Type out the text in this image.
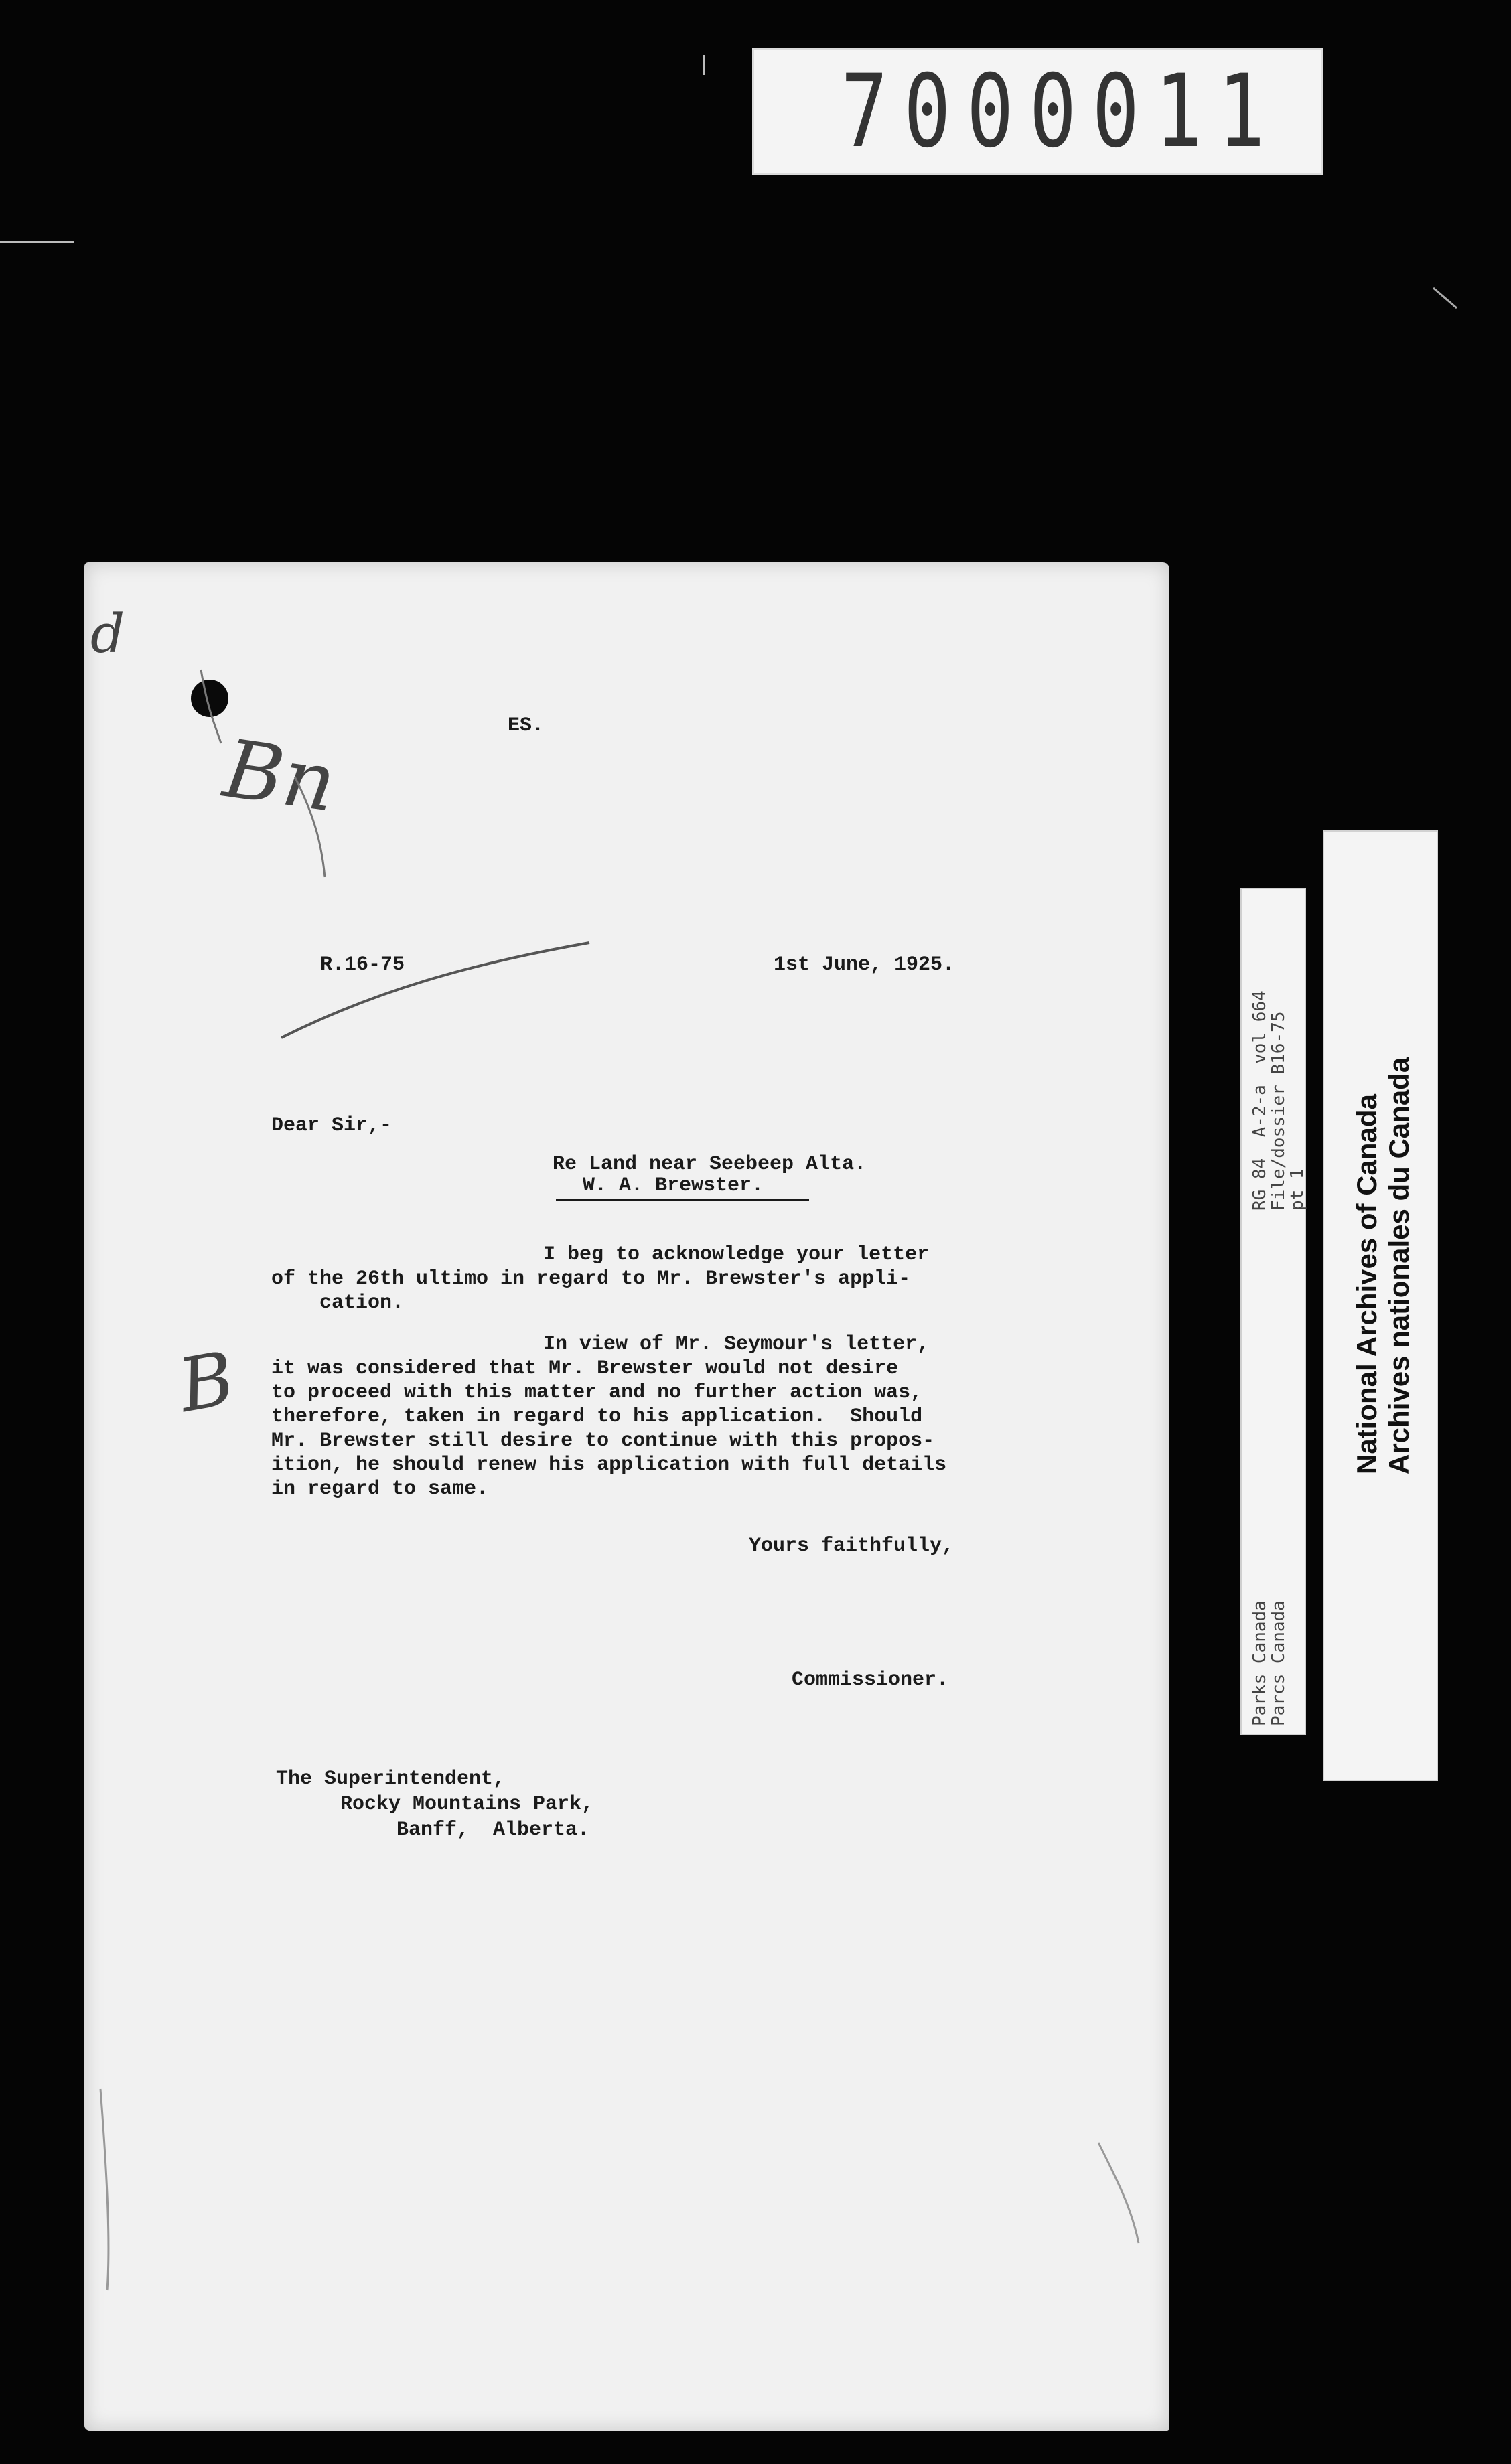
7000011
d
Bn
B
ES.
R.16-75	1st June, 1925.
Dear Sir,-
Re Land near Seebeep Alta.
W. A. Brewster.
I beg to acknowledge your letter
of the 26th ultimo in regard to Mr. Brewster's appli-
cation.
In view of Mr. Seymour's letter,
it was considered that Mr. Brewster would not desire
to proceed with this matter and no further action was,
therefore, taken in regard to his application.  Should
Mr. Brewster still desire to continue with this propos-
ition, he should renew his application with full details
in regard to same.
Yours faithfully,
Commissioner.
The Superintendent,
Rocky Mountains Park,
Banff,  Alberta.
RG 84  A-2-a  vol 664
File/dossier B16-75
pt 1
Parks Canada
Parcs Canada
National Archives of Canada Archives nationales du Canada
